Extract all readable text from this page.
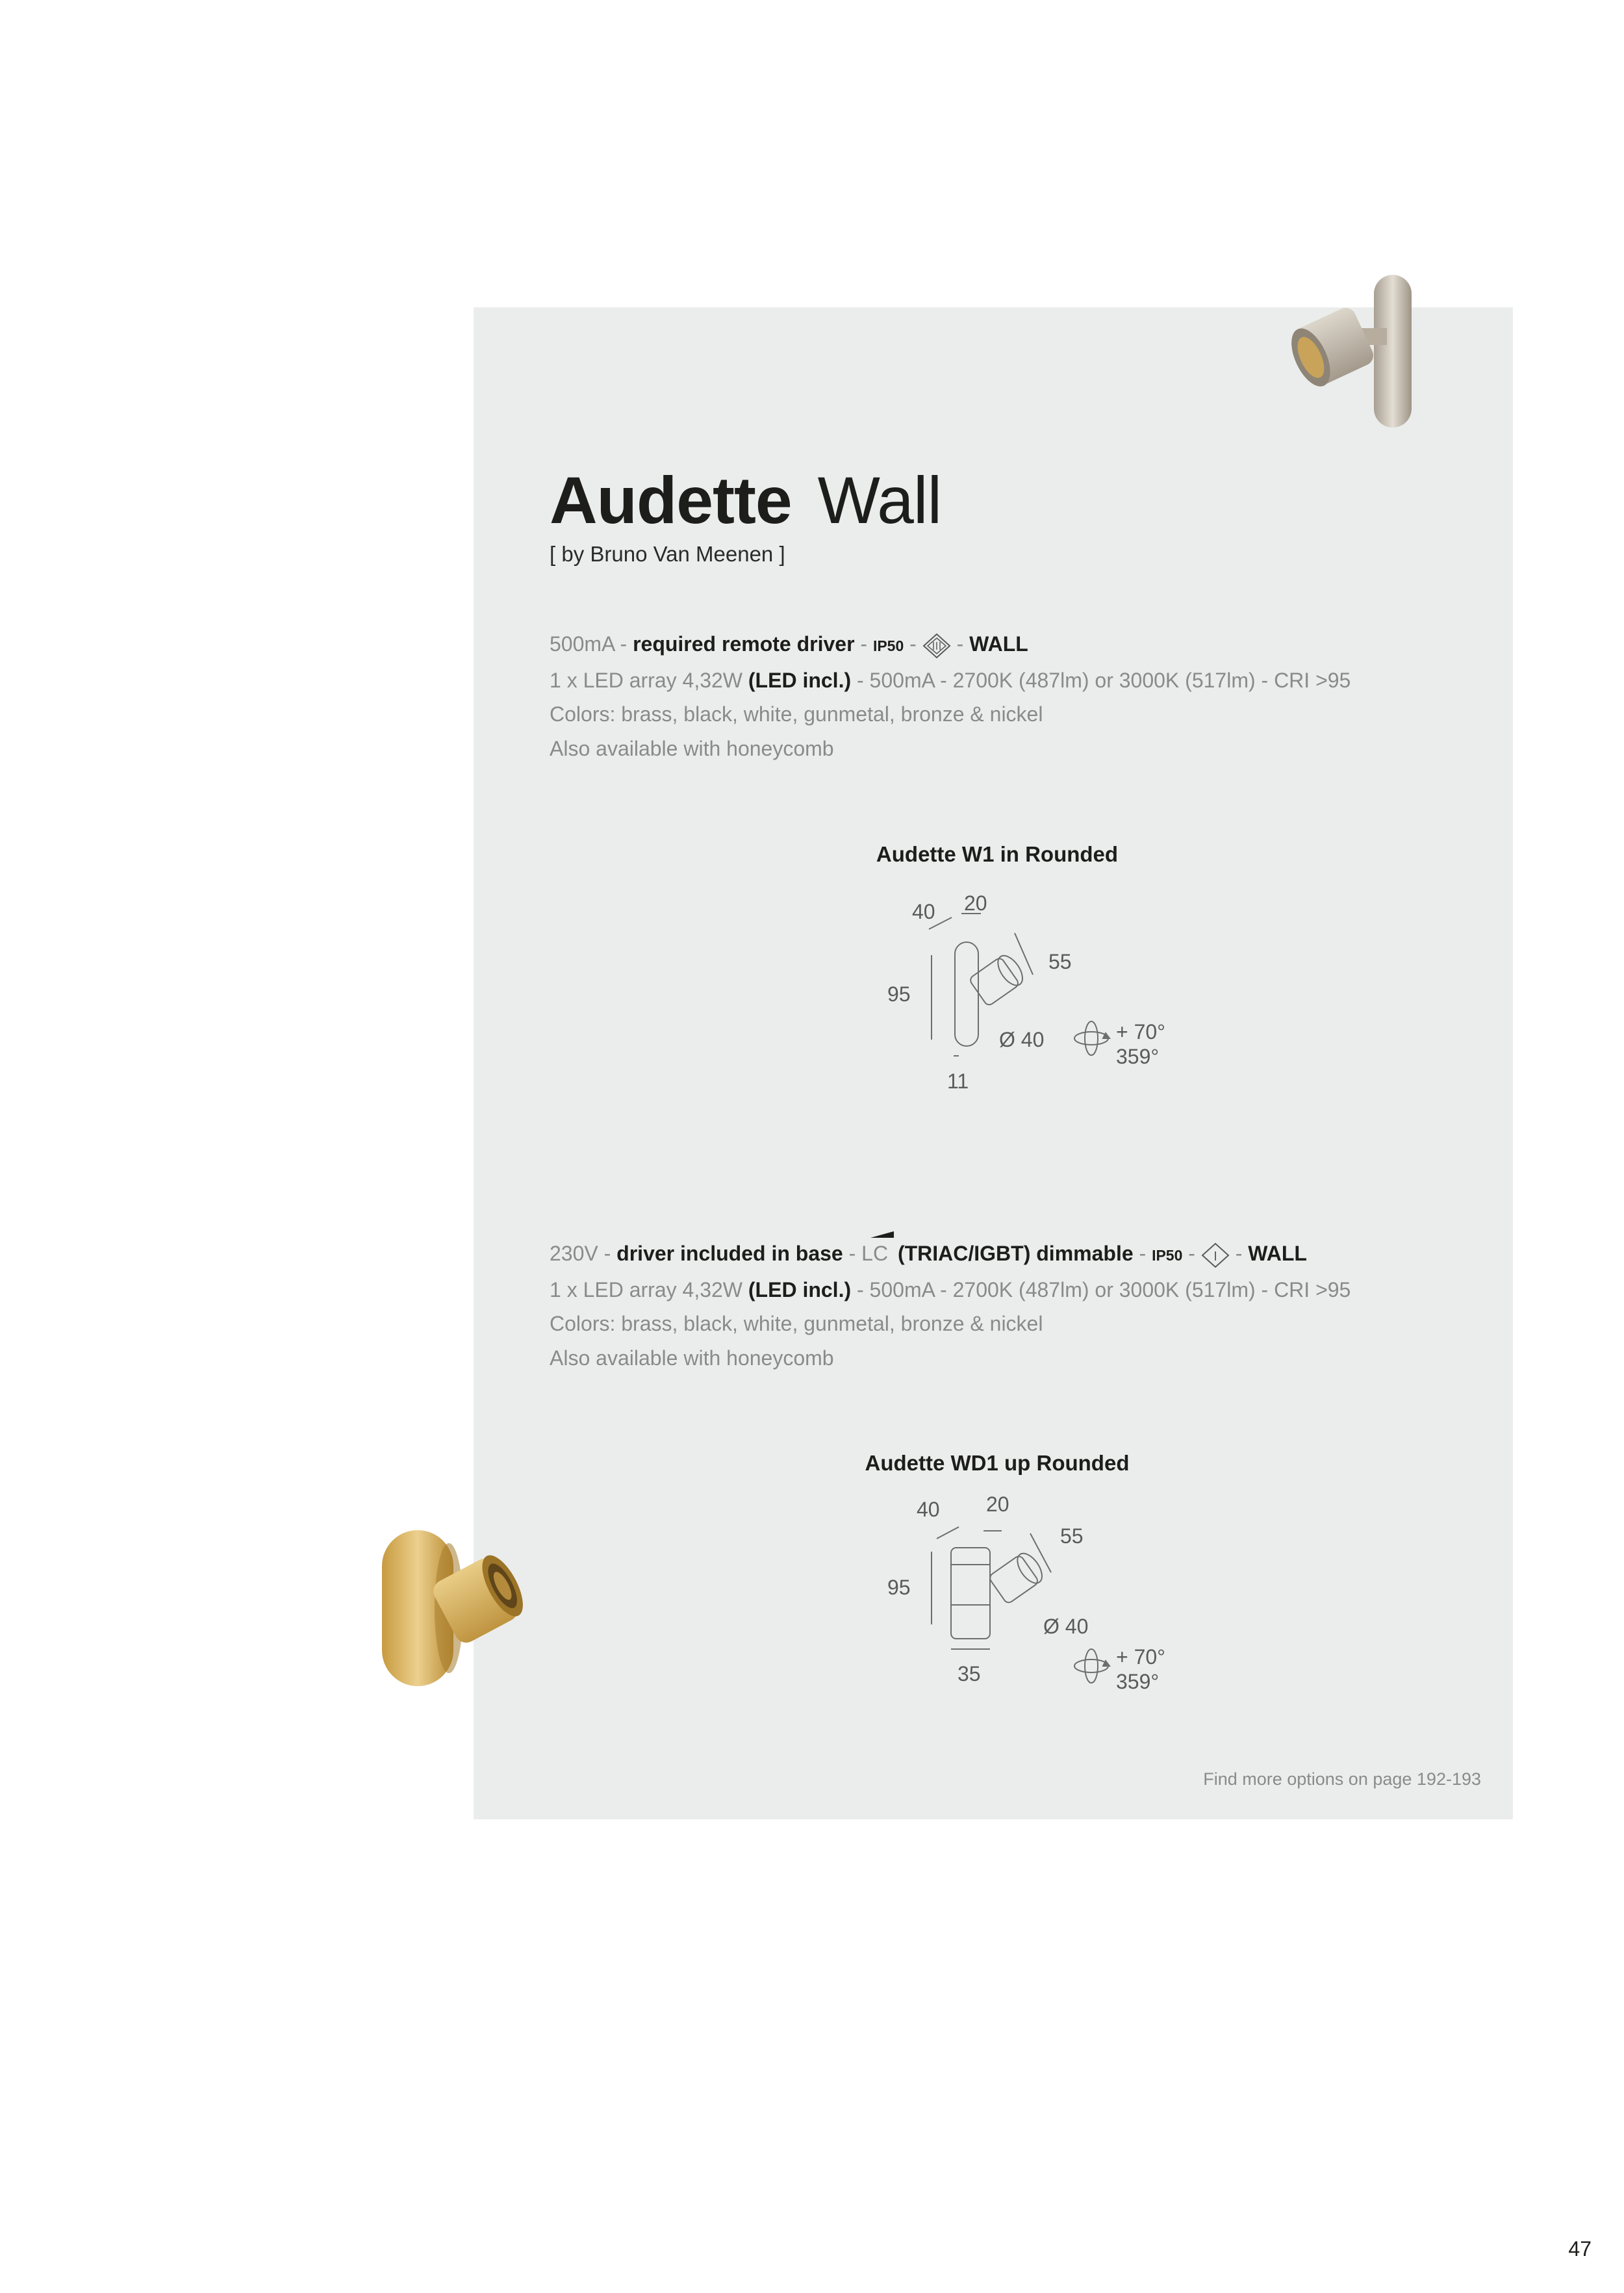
Audette Wall
[ by Bruno Van Meenen ]
500mA - required remote driver - IP50 -  - WALL
1 x LED array 4,32W (LED incl.) - 500mA - 2700K (487lm) or 3000K (517lm) - CRI >95
Colors: brass, black, white, gunmetal, bronze & nickel
Also available with honeycomb
Audette W1 in Rounded
40 20
55
95
Ø 40
11
+ 70°
359°
230V - driver included in base -
LC (TRIAC/IGBT) dimmable - IP50 - I - WALL
1 x LED array 4,32W (LED incl.) - 500mA - 2700K (487lm) or 3000K (517lm) - CRI >95
Colors: brass, black, white, gunmetal, bronze & nickel
Also available with honeycomb
Audette WD1 up Rounded
40 20
55
95
Ø 40
35
+ 70°
359°
Find more options on page 192-193
47
